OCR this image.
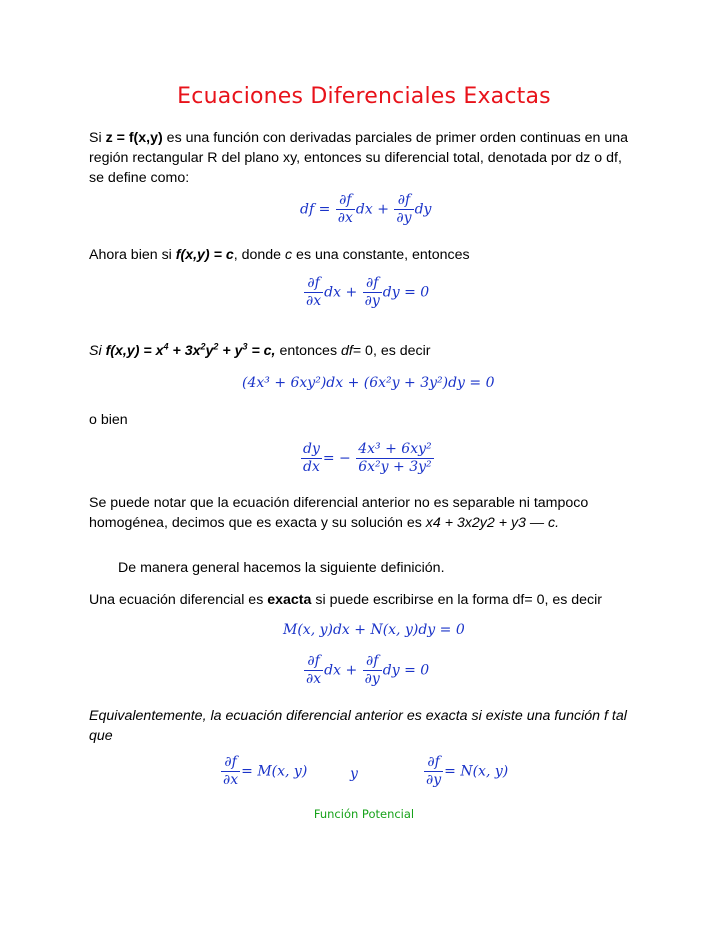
Ecuaciones Diferenciales Exactas
Si z = f(x,y) es una función con derivadas parciales de primer orden continuas en una región rectangular R del plano xy, entonces su diferencial total, denotada por dz o df, se define como:
df = $\frac{\partial f}{\partial x}$ dx + $\frac{\partial f}{\partial y}$ dy
Ahora bien si f(x,y) = c, donde c es una constante, entonces
$\frac{\partial f}{\partial x}$ dx + $\frac{\partial f}{\partial y}$ dy = 0
Si $f(x,y) = x^4 + 3x^2y^2 + y^3 = c$, entonces df= 0, es decir
(4x³ + 6xy²)dx + (6x²y + 3y²)dy = 0
o bien
$\frac{dy}{dx}$ = − $\frac{\text{4x³ + 6xy²}}{\text{6x²y + 3y²}}$
Se puede notar que la ecuación diferencial anterior no es separable ni tampoco homogénea, decimos que es exacta y su solución es x4 + 3x2y2 + y3 — c.
De manera general hacemos la siguiente definición.
Una ecuación diferencial es exacta si puede escribirse en la forma df= 0, es decir
M(x, y)dx + N(x, y)dy = 0
$\frac{\partial f}{\partial x}$ dx + $\frac{\partial f}{\partial y}$ dy = 0
Equivalentemente, la ecuación diferencial anterior es exacta si existe una función f tal que
$\frac{\partial f}{\partial x} = M(x$, y)	y	$\frac{\partial f}{\partial y} = N(x$, y)
Función Potencial
